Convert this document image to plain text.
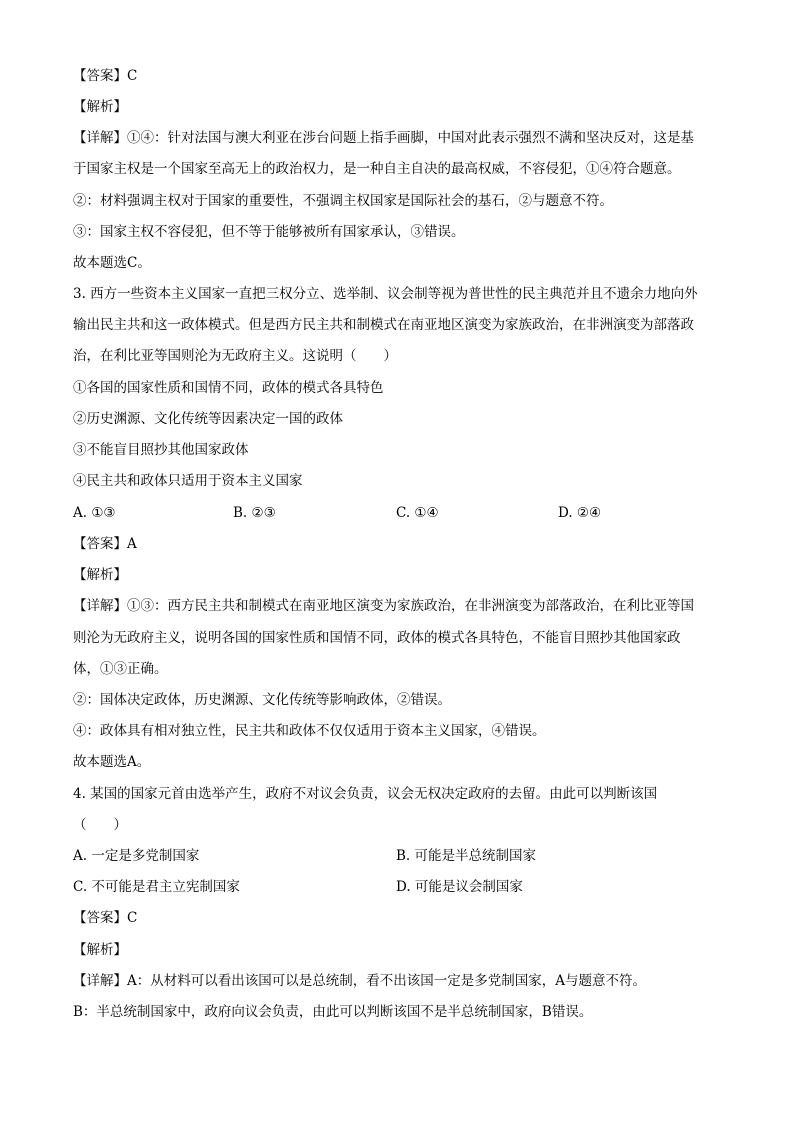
【答案】C
【解析】
【详解】①④：针对法国与澳大利亚在涉台问题上指手画脚，中国对此表示强烈不满和坚决反对，这是基
于国家主权是一个国家至高无上的政治权力，是一种自主自决的最高权威，不容侵犯，①④符合题意。
②：材料强调主权对于国家的重要性，不强调主权国家是国际社会的基石，②与题意不符。
③：国家主权不容侵犯，但不等于能够被所有国家承认，③错误。
故本题选C。
3. 西方一些资本主义国家一直把三权分立、选举制、议会制等视为普世性的民主典范并且不遗余力地向外
输出民主共和这一政体模式。但是西方民主共和制模式在南亚地区演变为家族政治，在非洲演变为部落政
治，在利比亚等国则沦为无政府主义。这说明（　　）
①各国的国家性质和国情不同，政体的模式各具特色
②历史渊源、文化传统等因素决定一国的政体
③不能盲目照抄其他国家政体
④民主共和政体只适用于资本主义国家
A. ①③	B. ②③	C. ①④	D. ②④
【答案】A
【解析】
【详解】①③：西方民主共和制模式在南亚地区演变为家族政治，在非洲演变为部落政治，在利比亚等国
则沦为无政府主义，说明各国的国家性质和国情不同，政体的模式各具特色，不能盲目照抄其他国家政
体，①③正确。
②：国体决定政体，历史渊源、文化传统等影响政体，②错误。
④：政体具有相对独立性，民主共和政体不仅仅适用于资本主义国家，④错误。
故本题选A。
4. 某国的国家元首由选举产生，政府不对议会负责，议会无权决定政府的去留。由此可以判断该国
（　　）
A. 一定是多党制国家	B. 可能是半总统制国家
C. 不可能是君主立宪制国家	D. 可能是议会制国家
【答案】C
【解析】
【详解】A：从材料可以看出该国可以是总统制，看不出该国一定是多党制国家，A与题意不符。
B：半总统制国家中，政府向议会负责，由此可以判断该国不是半总统制国家，B错误。
